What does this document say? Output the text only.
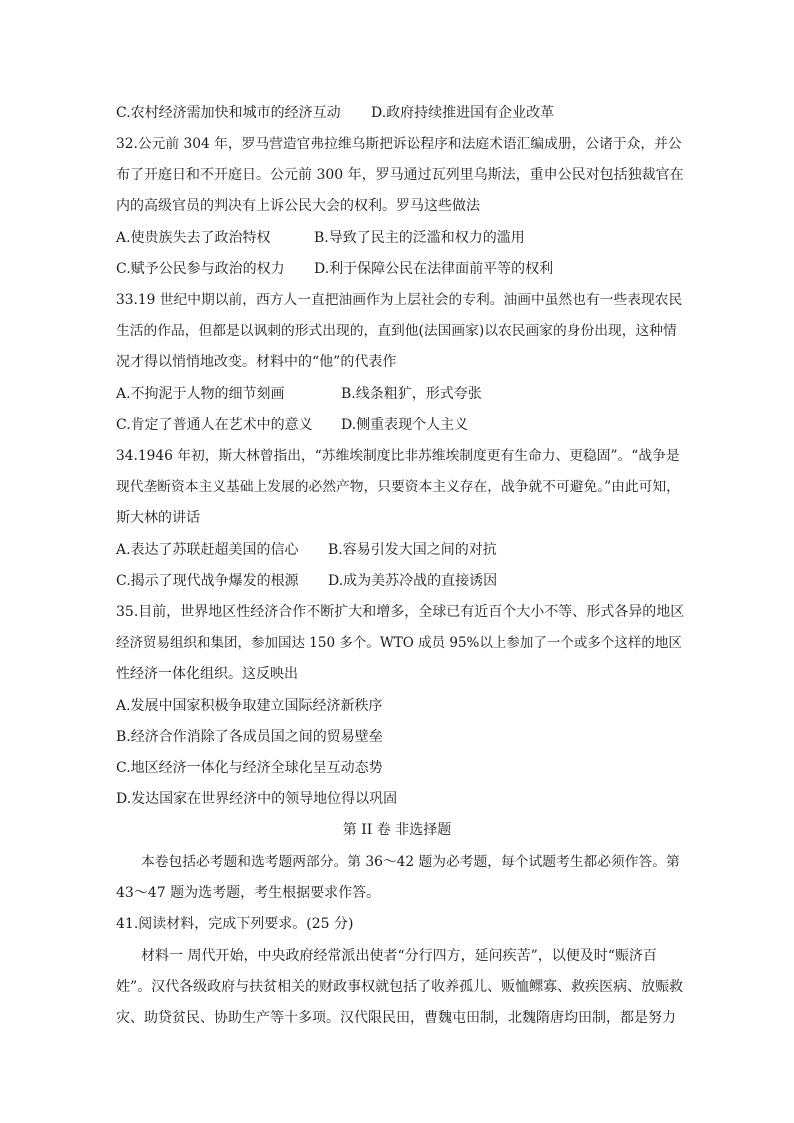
C.农村经济需加快和城市的经济互动 D.政府持续推进国有企业改革
32.公元前 304 年，罗马营造官弗拉维乌斯把诉讼程序和法庭术语汇编成册，公诸于众，并公
布了开庭日和不开庭日。公元前 300 年，罗马通过瓦列里乌斯法，重申公民对包括独裁官在
内的高级官员的判决有上诉公民大会的权利。罗马这些做法
A.使贵族失去了政治特权	B.导致了民主的泛滥和权力的滥用
C.赋予公民参与政治的权力 D.利于保障公民在法律面前平等的权利
33.19 世纪中期以前，西方人一直把油画作为上层社会的专利。油画中虽然也有一些表现农民
生活的作品，但都是以讽刺的形式出现的，直到他(法国画家)以农民画家的身份出现，这种情
况才得以悄悄地改变。材料中的“他”的代表作
A.不拘泥于人物的细节刻画	B.线条粗犷，形式夸张
C.肯定了普通人在艺术中的意义 D.侧重表现个人主义
34.1946 年初，斯大林曾指出，“苏维埃制度比非苏维埃制度更有生命力、更稳固”。“战争是
现代垄断资本主义基础上发展的必然产物，只要资本主义存在，战争就不可避免。”由此可知，
斯大林的讲话
A.表达了苏联赶超美国的信心 B.容易引发大国之间的对抗
C.揭示了现代战争爆发的根源 D.成为美苏冷战的直接诱因
35.目前，世界地区性经济合作不断扩大和增多，全球已有近百个大小不等、形式各异的地区
经济贸易组织和集团，参加国达 150 多个。WTO 成员 95%以上参加了一个或多个这样的地区
性经济一体化组织。这反映出
A.发展中国家积极争取建立国际经济新秩序
B.经济合作消除了各成员国之间的贸易壁垒
C.地区经济一体化与经济全球化呈互动态势
D.发达国家在世界经济中的领导地位得以巩固
第 II 卷 非选择题
本卷包括必考题和选考题两部分。第 36～42 题为必考题，每个试题考生都必须作答。第
43～47 题为选考题，考生根据要求作答。
41.阅读材料，完成下列要求。(25 分)
材料一 周代开始，中央政府经常派出使者“分行四方，延问疾苦”，以便及时“赈济百
姓”。汉代各级政府与扶贫相关的财政事权就包括了收养孤儿、贩恤鳏寡、救疾医病、放赈救
灾、助贷贫民、协助生产等十多项。汉代限民田，曹魏屯田制，北魏隋唐均田制，都是努力
